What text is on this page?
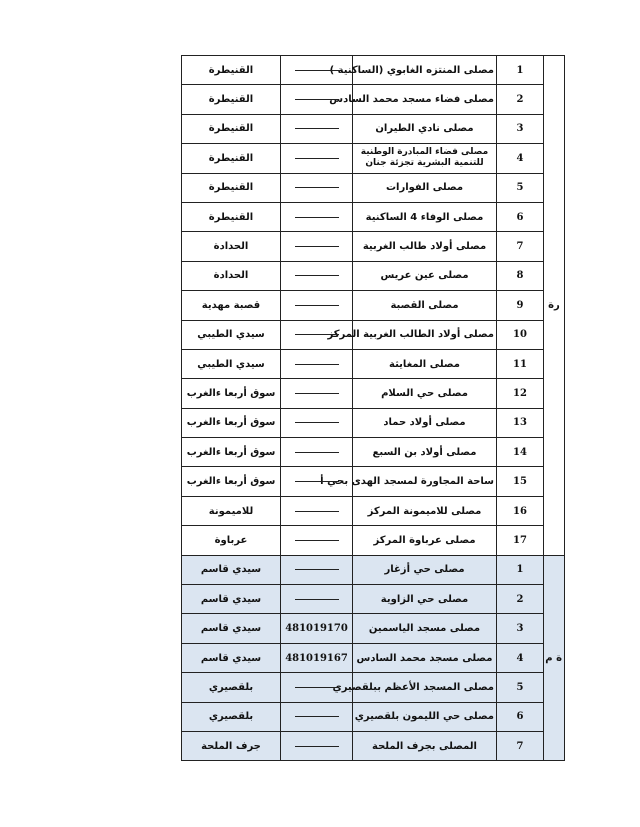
رة	1	مصلى المنتزه الغابوي (الساكنية )		القنيطرة
	2	مصلى فضاء مسجد محمد السادس		القنيطرة
	3	مصلى نادي الطيران		القنيطرة
	4	مصلى فضاء المبادرة الوطنية للتنمية البشرية تجزئة جنان		القنيطرة
	5	مصلى الفوارات		القنيطرة
	6	مصلى الوفاء 4 الساكنية		القنيطرة
	7	مصلى أولاد طالب الغربية		الحدادة
	8	مصلى عين عريس		الحدادة
	9	مصلى القصبة		قصبة مهدية
	10	مصلى أولاد الطالب الغربية المركز		سيدي الطيبي
	11	مصلى المغايثة		سيدي الطيبي
	12	مصلى حي السلام		سوق أربعا ءالغرب
	13	مصلى أولاد حماد		سوق أربعا ءالغرب
	14	مصلى أولاد بن السبع		سوق أربعا ءالغرب
	15	ساحة المجاورة لمسجد الهدى بحي أ		سوق أربعا ءالغرب
	16	مصلى للاميمونة المركز		للاميمونة
	17	مصلى عرباوة المركز		عرباوة
ة م	1	مصلى حي أزغار		سيدي قاسم
	2	مصلى حي الزاوية		سيدي قاسم
	3	مصلى مسجد الياسمين	481019170	سيدي قاسم
	4	مصلى مسجد محمد السادس	481019167	سيدي قاسم
	5	مصلى المسجد الأعظم ببلقصيري		بلقصيري
	6	مصلى حي الليمون بلقصيري		بلقصيري
	7	المصلى بجرف الملحة		جرف الملحة
